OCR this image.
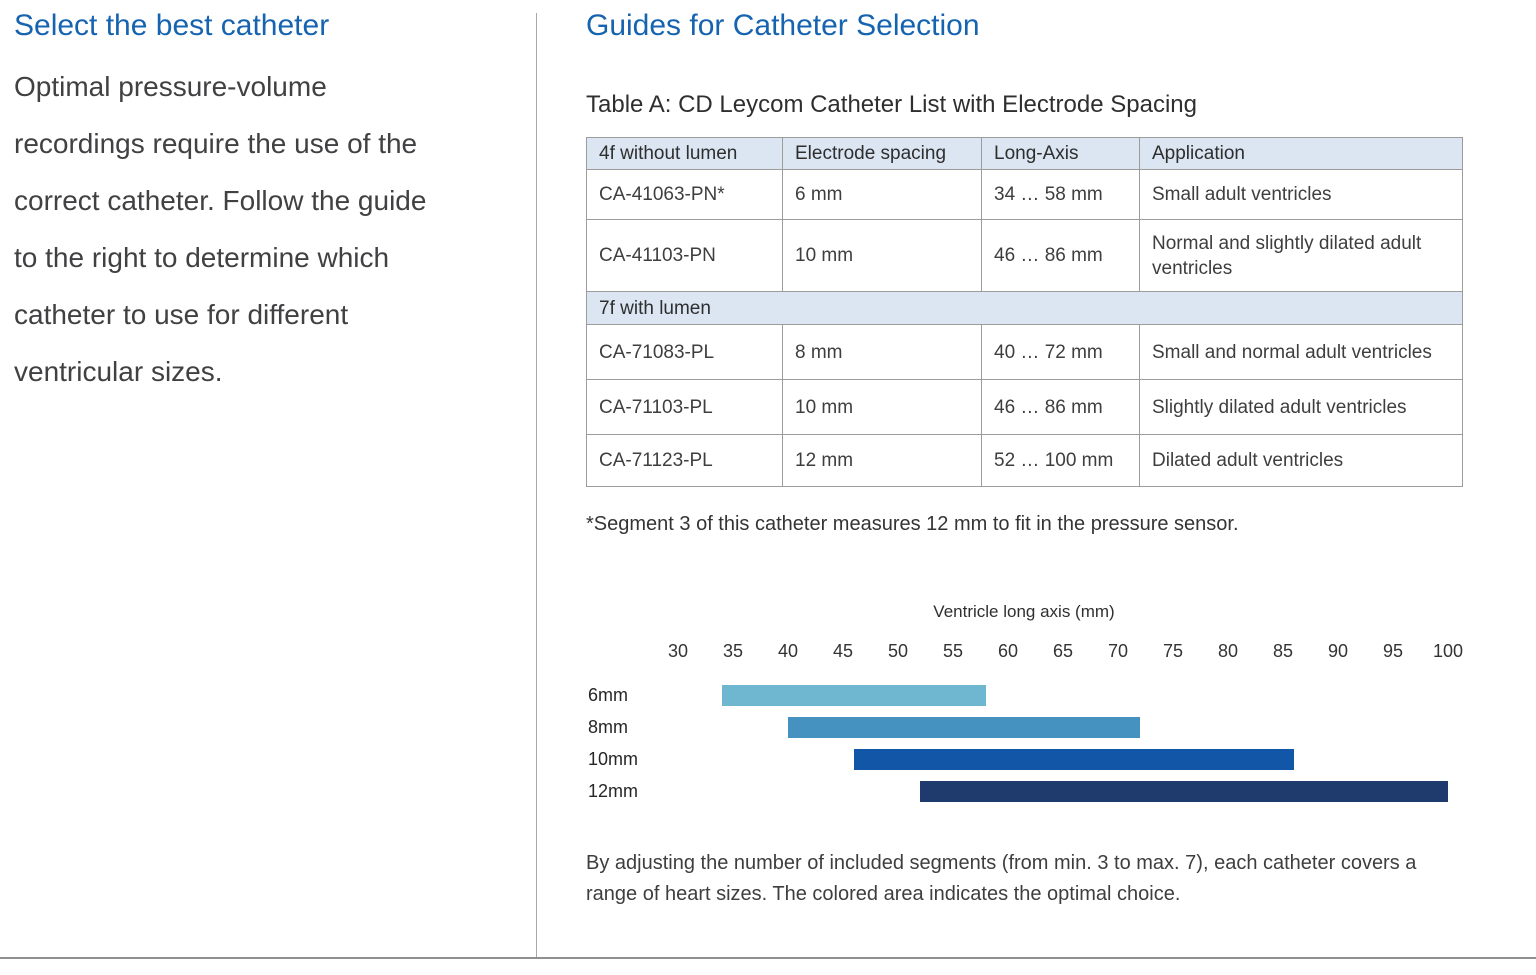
Select the best catheter

Optimal pressure-volume recordings require the use of the correct catheter. Follow the guide to the right to determine which catheter to use for different ventricular sizes.

Guides for Catheter Selection
Table A: CD Leycom Catheter List with Electrode Spacing
4f without lumen	Electrode spacing	Long-Axis	Application
CA-41063-PN*	6 mm	34 … 58 mm	Small adult ventricles
CA-41103-PN	10 mm	46 … 86 mm	Normal and slightly dilated adult ventricles
7f with lumen			
CA-71083-PL	8 mm	40 … 72 mm	Small and normal adult ventricles
CA-71103-PL	10 mm	46 … 86 mm	Slightly dilated adult ventricles
CA-71123-PL	12 mm	52 … 100 mm	Dilated adult ventricles

*Segment 3 of this catheter measures 12 mm to fit in the pressure sensor.

Ventricle long axis (mm)
30 35 40 45 50 55 60 65 70 75 80 85 90 95 100
6mm
8mm
10mm
12mm

By adjusting the number of included segments (from min. 3 to max. 7), each catheter covers a range of heart sizes. The colored area indicates the optimal choice.
